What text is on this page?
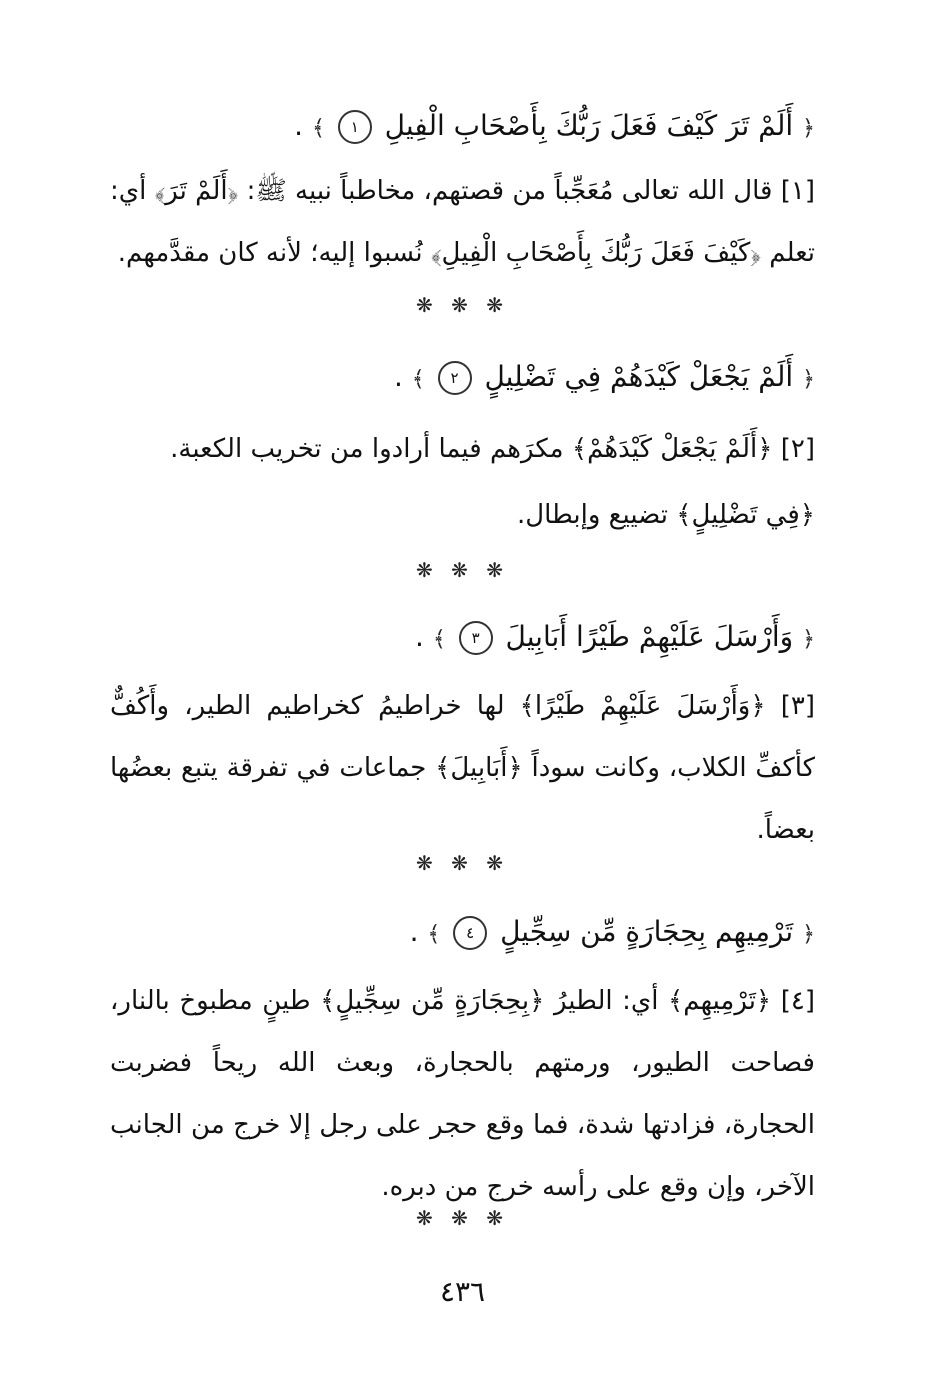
﴿ أَلَمْ تَرَ كَيْفَ فَعَلَ رَبُّكَ بِأَصْحَابِ الْفِيلِ ١ ﴾ .

[١] قال الله تعالى مُعَجِّباً من قصتهم، مخاطباً نبيه ﷺ: ﴿أَلَمْ تَرَ﴾ أي: تعلم ﴿كَيْفَ فَعَلَ رَبُّكَ بِأَصْحَابِ الْفِيلِ﴾ نُسبوا إليه؛ لأنه كان مقدَّمهم.

❋ ❋ ❋
﴿ أَلَمْ يَجْعَلْ كَيْدَهُمْ فِي تَضْلِيلٍ ٢ ﴾ .

[٢] ﴿أَلَمْ يَجْعَلْ كَيْدَهُمْ﴾ مكرَهم فيما أرادوا من تخريب الكعبة.

﴿فِي تَضْلِيلٍ﴾ تضييع وإبطال.

❋ ❋ ❋
﴿ وَأَرْسَلَ عَلَيْهِمْ طَيْرًا أَبَابِيلَ ٣ ﴾ .

[٣] ﴿وَأَرْسَلَ عَلَيْهِمْ طَيْرًا﴾ لها خراطيمُ كخراطيم الطير، وأَكُفٌّ كأكفِّ الكلاب، وكانت سوداً ﴿أَبَابِيلَ﴾ جماعات في تفرقة يتبع بعضُها بعضاً.

❋ ❋ ❋
﴿ تَرْمِيهِم بِحِجَارَةٍ مِّن سِجِّيلٍ ٤ ﴾ .

[٤] ﴿تَرْمِيهِم﴾ أي: الطيرُ ﴿بِحِجَارَةٍ مِّن سِجِّيلٍ﴾ طينٍ مطبوخ بالنار، فصاحت الطيور، ورمتهم بالحجارة، وبعث الله ريحاً فضربت الحجارة، فزادتها شدة، فما وقع حجر على رجل إلا خرج من الجانب الآخر، وإن وقع على رأسه خرج من دبره.

❋ ❋ ❋
٤٣٦
